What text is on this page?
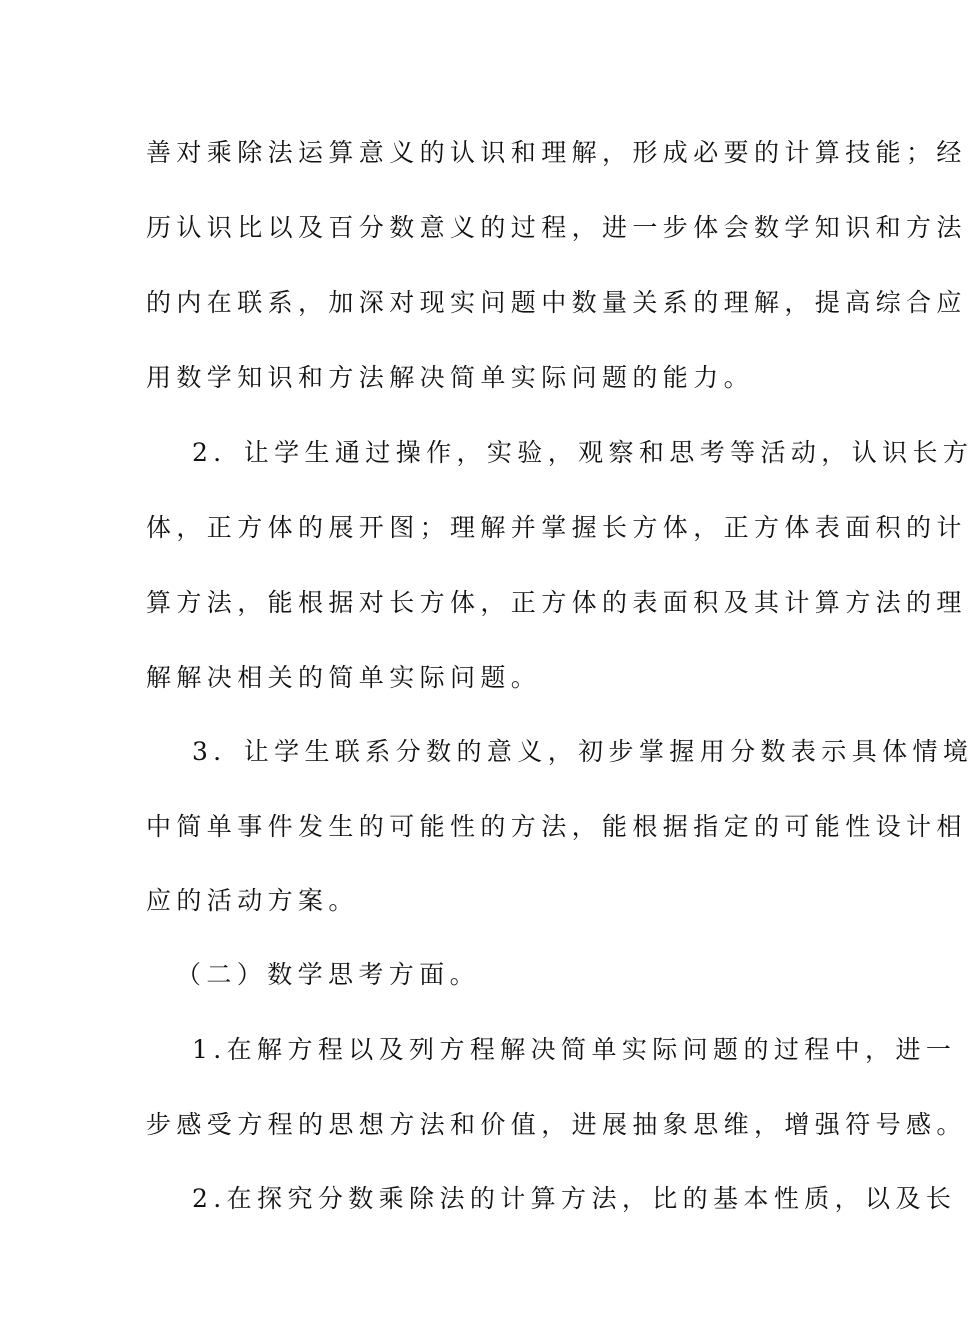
善对乘除法运算意义的认识和理解，形成必要的计算技能；经
历认识比以及百分数意义的过程，进一步体会数学知识和方法
的内在联系，加深对现实问题中数量关系的理解，提高综合应
用数学知识和方法解决简单实际问题的能力。
2．让学生通过操作，实验，观察和思考等活动，认识长方
体，正方体的展开图；理解并掌握长方体，正方体表面积的计
算方法，能根据对长方体，正方体的表面积及其计算方法的理
解解决相关的简单实际问题。
3．让学生联系分数的意义，初步掌握用分数表示具体情境
中简单事件发生的可能性的方法，能根据指定的可能性设计相
应的活动方案。
（二）数学思考方面。
1.在解方程以及列方程解决简单实际问题的过程中，进一
步感受方程的思想方法和价值，进展抽象思维，增强符号感。
2.在探究分数乘除法的计算方法，比的基本性质，以及长
